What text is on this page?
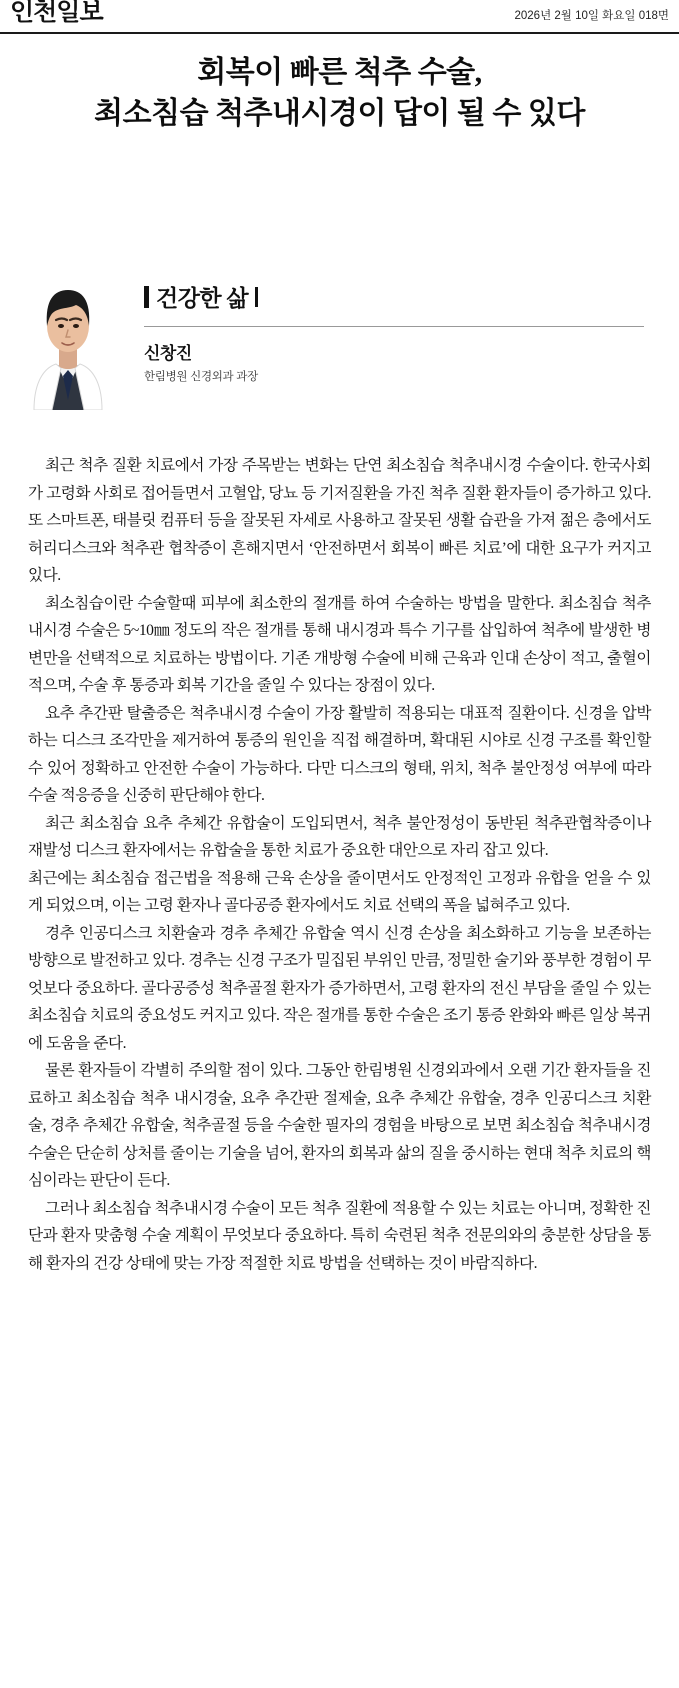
인천일보	2026년 2월 10일 화요일 018면
회복이 빠른 척추 수술,
최소침습 척추내시경이 답이 될 수 있다
건강한 삶
신창진
한림병원 신경외과 과장

최근 척추 질환 치료에서 가장 주목받는 변화는 단연 최소침습 척추내시경 수술이다. 한국사회가 고령화 사회로 접어들면서 고혈압, 당뇨 등 기저질환을 가진 척추 질환 환자들이 증가하고 있다. 또 스마트폰, 태블릿 컴퓨터 등을 잘못된 자세로 사용하고 잘못된 생활 습관을 가져 젊은 층에서도 허리디스크와 척추관 협착증이 흔해지면서 ‘안전하면서 회복이 빠른 치료’에 대한 요구가 커지고 있다.

최소침습이란 수술할때 피부에 최소한의 절개를 하여 수술하는 방법을 말한다. 최소침습 척추내시경 수술은 5~10㎜ 정도의 작은 절개를 통해 내시경과 특수 기구를 삽입하여 척추에 발생한 병변만을 선택적으로 치료하는 방법이다. 기존 개방형 수술에 비해 근육과 인대 손상이 적고, 출혈이 적으며, 수술 후 통증과 회복 기간을 줄일 수 있다는 장점이 있다.

요추 추간판 탈출증은 척추내시경 수술이 가장 활발히 적용되는 대표적 질환이다. 신경을 압박하는 디스크 조각만을 제거하여 통증의 원인을 직접 해결하며, 확대된 시야로 신경 구조를 확인할 수 있어 정확하고 안전한 수술이 가능하다. 다만 디스크의 형태, 위치, 척추 불안정성 여부에 따라 수술 적응증을 신중히 판단해야 한다.

최근 최소침습 요추 추체간 유합술이 도입되면서, 척추 불안정성이 동반된 척추관협착증이나 재발성 디스크 환자에서는 유합술을 통한 치료가 중요한 대안으로 자리 잡고 있다.

최근에는 최소침습 접근법을 적용해 근육 손상을 줄이면서도 안정적인 고정과 유합을 얻을 수 있게 되었으며, 이는 고령 환자나 골다공증 환자에서도 치료 선택의 폭을 넓혀주고 있다.

경추 인공디스크 치환술과 경추 추체간 유합술 역시 신경 손상을 최소화하고 기능을 보존하는 방향으로 발전하고 있다. 경추는 신경 구조가 밀집된 부위인 만큼, 정밀한 술기와 풍부한 경험이 무엇보다 중요하다. 골다공증성 척추골절 환자가 증가하면서, 고령 환자의 전신 부담을 줄일 수 있는 최소침습 치료의 중요성도 커지고 있다. 작은 절개를 통한 수술은 조기 통증 완화와 빠른 일상 복귀에 도움을 준다.

물론 환자들이 각별히 주의할 점이 있다. 그동안 한림병원 신경외과에서 오랜 기간 환자들을 진료하고 최소침습 척추 내시경술, 요추 추간판 절제술, 요추 추체간 유합술, 경추 인공디스크 치환술, 경추 추체간 유합술, 척추골절 등을 수술한 필자의 경험을 바탕으로 보면 최소침습 척추내시경 수술은 단순히 상처를 줄이는 기술을 넘어, 환자의 회복과 삶의 질을 중시하는 현대 척추 치료의 핵심이라는 판단이 든다.

그러나 최소침습 척추내시경 수술이 모든 척추 질환에 적용할 수 있는 치료는 아니며, 정확한 진단과 환자 맞춤형 수술 계획이 무엇보다 중요하다. 특히 숙련된 척추 전문의와의 충분한 상담을 통해 환자의 건강 상태에 맞는 가장 적절한 치료 방법을 선택하는 것이 바람직하다.
